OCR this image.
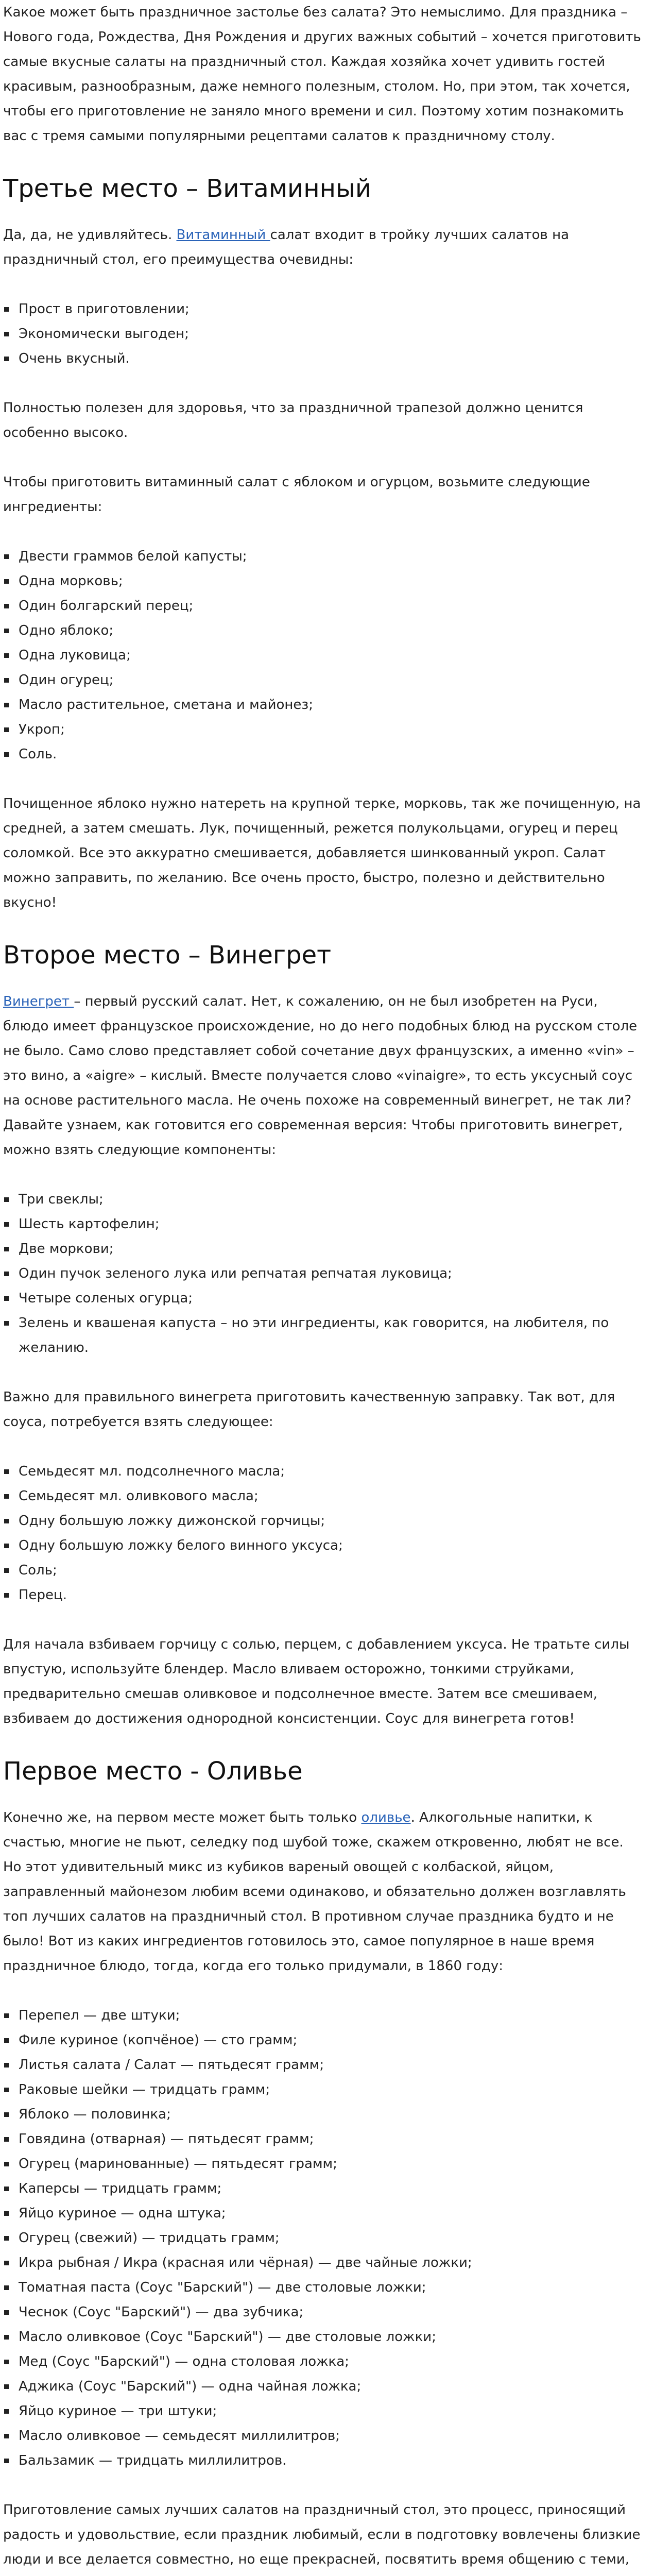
Какое может быть праздничное застолье без салата? Это немыслимо. Для праздника – Нового года, Рождества, Дня Рождения и других важных событий – хочется приготовить самые вкусные салаты на праздничный стол. Каждая хозяйка хочет удивить гостей красивым, разнообразным, даже немного полезным, столом. Но, при этом, так хочется, чтобы его приготовление не заняло много времени и сил. Поэтому хотим познакомить вас с тремя самыми популярными рецептами салатов к праздничному столу.

Третье место – Витаминный

Да, да, не удивляйтесь. Витаминный салат входит в тройку лучших салатов на праздничный стол, его преимущества очевидны:

Прост в приготовлении;
Экономически выгоден;
Очень вкусный.

Полностью полезен для здоровья, что за праздничной трапезой должно ценится особенно высоко.

Чтобы приготовить витаминный салат с яблоком и огурцом, возьмите следующие ингредиенты:

Двести граммов белой капусты;
Одна морковь;
Один болгарский перец;
Одно яблоко;
Одна луковица;
Один огурец;
Масло растительное, сметана и майонез;
Укроп;
Соль.

Почищенное яблоко нужно натереть на крупной терке, морковь, так же почищенную, на средней, а затем смешать. Лук, почищенный, режется полукольцами, огурец и перец соломкой. Все это аккуратно смешивается, добавляется шинкованный укроп. Салат можно заправить, по желанию. Все очень просто, быстро, полезно и действительно вкусно!

Второе место – Винегрет

Винегрет – первый русский салат. Нет, к сожалению, он не был изобретен на Руси, блюдо имеет французское происхождение, но до него подобных блюд на русском столе не было. Само слово представляет собой сочетание двух французских, а именно «vin» – это вино, а «aigre» – кислый. Вместе получается слово «vinaigre», то есть уксусный соус на основе растительного масла. Не очень похоже на современный винегрет, не так ли? Давайте узнаем, как готовится его современная версия: Чтобы приготовить винегрет, можно взять следующие компоненты:

Три свеклы;
Шесть картофелин;
Две моркови;
Один пучок зеленого лука или репчатая репчатая луковица;
Четыре соленых огурца;
Зелень и квашеная капуста – но эти ингредиенты, как говорится, на любителя, по желанию.

Важно для правильного винегрета приготовить качественную заправку. Так вот, для соуса, потребуется взять следующее:

Семьдесят мл. подсолнечного масла;
Семьдесят мл. оливкового масла;
Одну большую ложку дижонской горчицы;
Одну большую ложку белого винного уксуса;
Соль;
Перец.

Для начала взбиваем горчицу с солью, перцем, с добавлением уксуса. Не тратьте силы впустую, используйте блендер. Масло вливаем осторожно, тонкими струйками, предварительно смешав оливковое и подсолнечное вместе. Затем все смешиваем, взбиваем до достижения однородной консистенции. Соус для винегрета готов!

Первое место - Оливье

Конечно же, на первом месте может быть только оливье. Алкогольные напитки, к счастью, многие не пьют, селедку под шубой тоже, скажем откровенно, любят не все. Но этот удивительный микс из кубиков вареный овощей с колбаской, яйцом, заправленный майонезом любим всеми одинаково, и обязательно должен возглавлять топ лучших салатов на праздничный стол. В противном случае праздника будто и не было! Вот из каких ингредиентов готовилось это, самое популярное в наше время праздничное блюдо, тогда, когда его только придумали, в 1860 году:

Перепел — две штуки;
Филе куриное (копчёное) — сто грамм;
Листья салата / Салат — пятьдесят грамм;
Раковые шейки — тридцать грамм;
Яблоко — половинка;
Говядина (отварная) — пятьдесят грамм;
Огурец (маринованные) — пятьдесят грамм;
Каперсы — тридцать грамм;
Яйцо куриное — одна штука;
Огурец (свежий) — тридцать грамм;
Икра рыбная / Икра (красная или чёрная) — две чайные ложки;
Томатная паста (Соус "Барский") — две столовые ложки;
Чеснок (Соус "Барский") — два зубчика;
Масло оливковое (Соус "Барский") — две столовые ложки;
Мед (Соус "Барский") — одна столовая ложка;
Аджика (Соус "Барский") — одна чайная ложка;
Яйцо куриное — три штуки;
Масло оливковое — семьдесят миллилитров;
Бальзамик — тридцать миллилитров.

Приготовление самых лучших салатов на праздничный стол, это процесс, приносящий радость и удовольствие, если праздник любимый, если в подготовку вовлечены близкие люди и все делается совместно, но еще прекрасней, посвятить время общению с теми,
